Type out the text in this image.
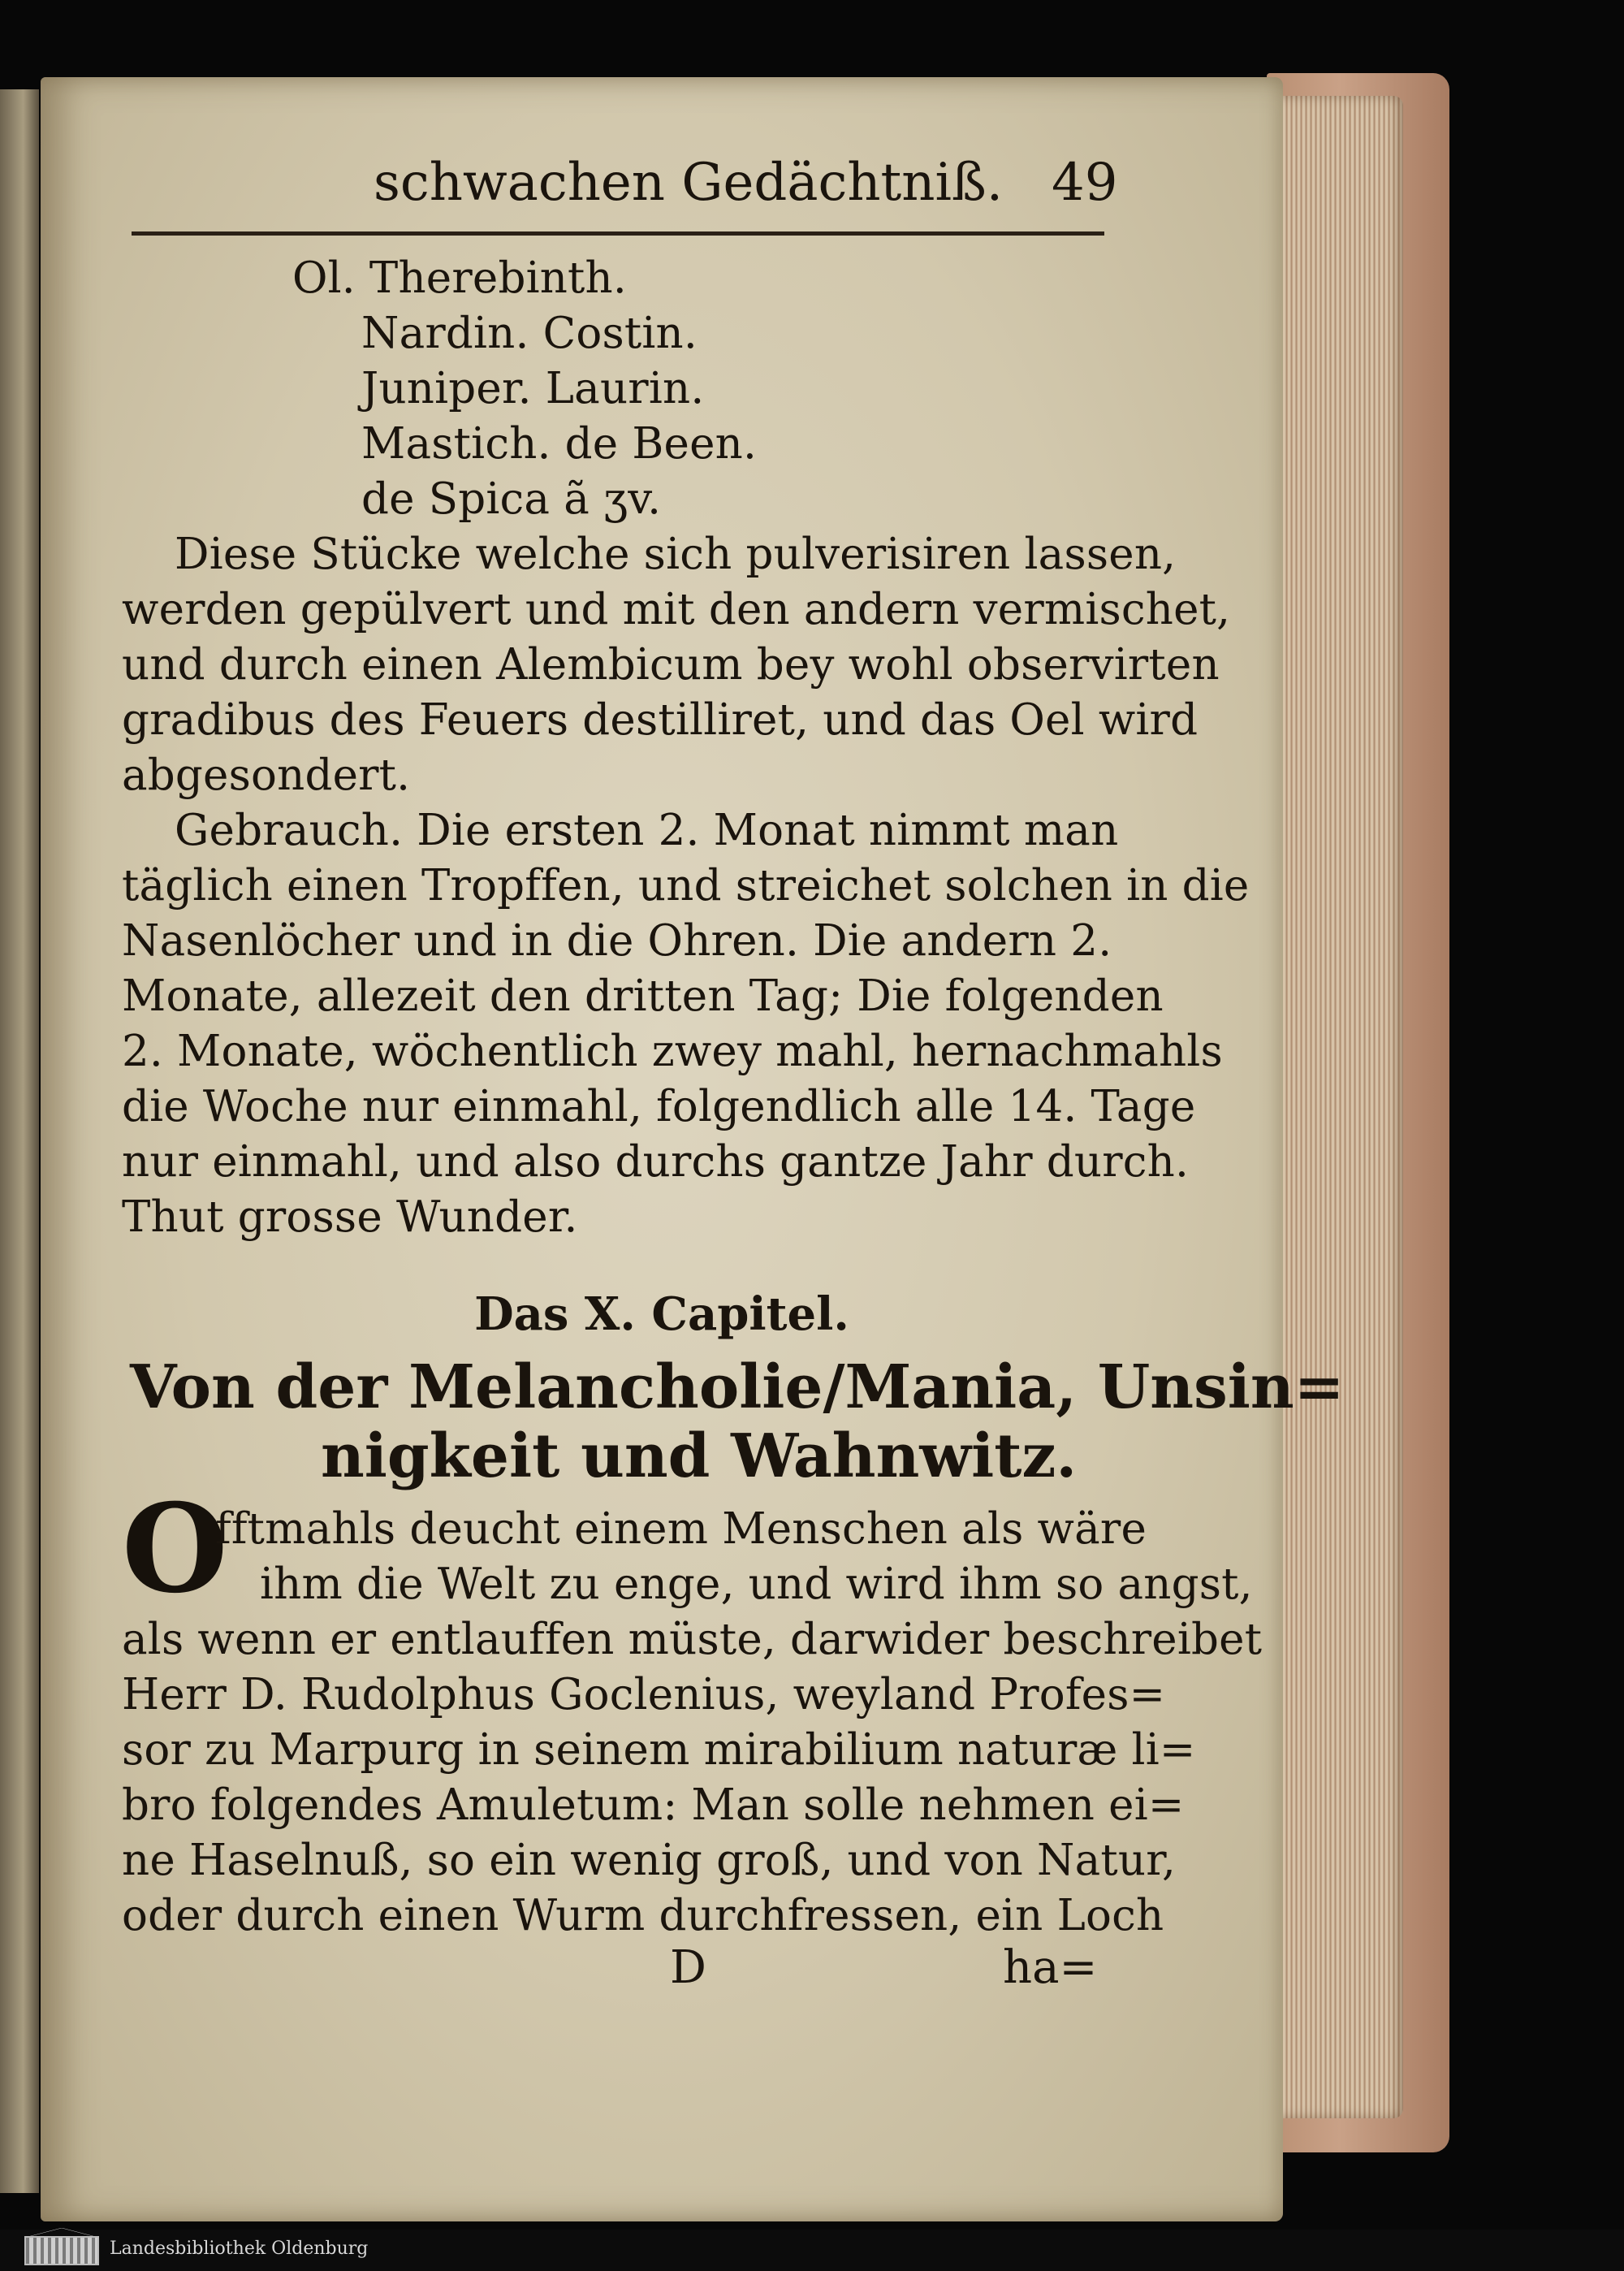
schwachen Gedächtniß. 49
Ol. Therebinth.
Nardin. Costin.
Juniper. Laurin.
Mastich. de Been.
de Spica ã ʒv.
Diese Stücke welche sich pulverisiren lassen,
werden gepülvert und mit den andern vermischet,
und durch einen Alembicum bey wohl observirten
gradibus des Feuers destilliret, und das Oel wird
abgesondert.
Gebrauch. Die ersten 2. Monat nimmt man
täglich einen Tropffen, und streichet solchen in die
Nasenlöcher und in die Ohren. Die andern 2.
Monate, allezeit den dritten Tag; Die folgenden
2. Monate, wöchentlich zwey mahl, hernachmahls
die Woche nur einmahl, folgendlich alle 14. Tage
nur einmahl, und also durchs gantze Jahr durch.
Thut grosse Wunder.
Das X. Capitel.
Von der Melancholie/Mania, Unsin=
nigkeit und Wahnwitz.
O
fftmahls deucht einem Menschen als wäre
ihm die Welt zu enge, und wird ihm so angst,
als wenn er entlauffen müste, darwider beschreibet
Herr D. Rudolphus Goclenius, weyland Profes=
sor zu Marpurg in seinem mirabilium naturæ li=
bro folgendes Amuletum: Man solle nehmen ei=
ne Haselnuß, so ein wenig groß, und von Natur,
oder durch einen Wurm durchfressen, ein Loch
D	ha=
Landesbibliothek Oldenburg
